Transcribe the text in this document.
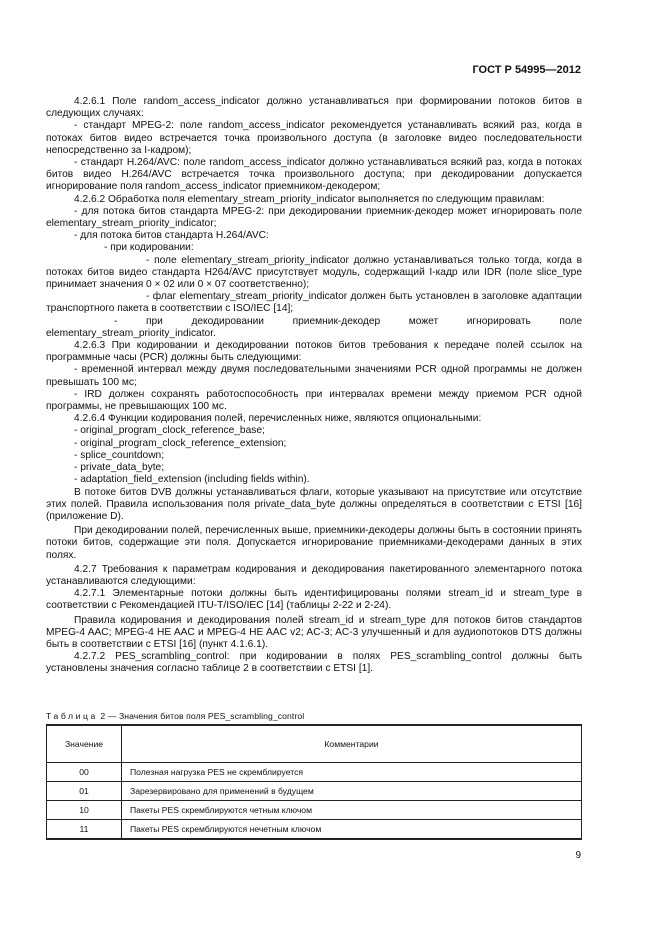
ГОСТ Р 54995—2012

4.2.6.1 Поле random_access_indicator должно устанавливаться при формировании потоков битов в следующих случаях:

- стандарт MPEG-2: поле random_access_indicator рекомендуется устанавливать всякий раз, когда в потоках битов видео встречается точка произвольного доступа (в заголовке видео последовательности непосредственно за I-кадром);

- стандарт H.264/AVC: поле random_access_indicator должно устанавливаться всякий раз, когда в потоках битов видео H.264/AVC встречается точка произвольного доступа; при декодировании допускается игнорирование поля random_access_indicator приемником-декодером;

4.2.6.2 Обработка поля elementary_stream_priority_indicator выполняется по следующим правилам:

- для потока битов стандарта MPEG-2: при декодировании приемник-декодер может игнорировать поле elementary_stream_priority_indicator;

- для потока битов стандарта H.264/AVC:

- при кодировании:

- поле elementary_stream_priority_indicator должно устанавливаться только тогда, когда в потоках битов видео стандарта H264/AVC присутствует модуль, содержащий I-кадр или IDR (поле slice_type принимает значения 0 × 02 или 0 × 07 соответственно);

- флаг elementary_stream_priority_indicator должен быть установлен в заголовке адаптации транспортного пакета в соответствии с ISO/IEC [14];

- при декодировании приемник-декодер может игнорировать поле elementary_stream_priority_indicator.

4.2.6.3 При кодировании и декодировании потоков битов требования к передаче полей ссылок на программные часы (PCR) должны быть следующими:

- временной интервал между двумя последовательными значениями PCR одной программы не должен превышать 100 мс;

- IRD должен сохранять работоспособность при интервалах времени между приемом PCR одной программы, не превышающих 100 мс.

4.2.6.4 Функции кодирования полей, перечисленных ниже, являются опциональными:

- original_program_clock_reference_base;

- original_program_clock_reference_extension;

- splice_countdown;

- private_data_byte;

- adaptation_field_extension (including fields within).

В потоке битов DVB должны устанавливаться флаги, которые указывают на присутствие или отсутствие этих полей. Правила использования поля private_data_byte должны определяться в соответствии с ETSI [16] (приложение D).

При декодировании полей, перечисленных выше, приемники-декодеры должны быть в состоянии принять потоки битов, содержащие эти поля. Допускается игнорирование приемниками-декодерами данных в этих полях.

4.2.7 Требования к параметрам кодирования и декодирования пакетированного элементарного потока устанавливаются следующими:

4.2.7.1 Элементарные потоки должны быть идентифицированы полями stream_id и stream_type в соответствии с Рекомендацией ITU-T/ISO/IEC [14] (таблицы 2-22 и 2-24).

Правила кодирования и декодирования полей stream_id и stream_type для потоков битов стандартов MPEG-4 AAC; MPEG-4 HE AAC и MPEG-4 HE AAC v2; AC-3; AC-3 улучшенный и для аудиопотоков DTS должны быть в соответствии с ETSI [16] (пункт 4.1.6.1).

4.2.7.2 PES_scrambling_control: при кодировании в полях PES_scrambling_control должны быть установлены значения согласно таблице 2 в соответствии с ETSI [1].

Таблица 2 — Значения битов поля PES_scrambling_control
Значение	Комментарии
00	Полезная нагрузка PES не скремблируется
01	Зарезервировано для применений в будущем
10	Пакеты PES скремблируются четным ключом
11	Пакеты PES скремблируются нечетным ключом
9
